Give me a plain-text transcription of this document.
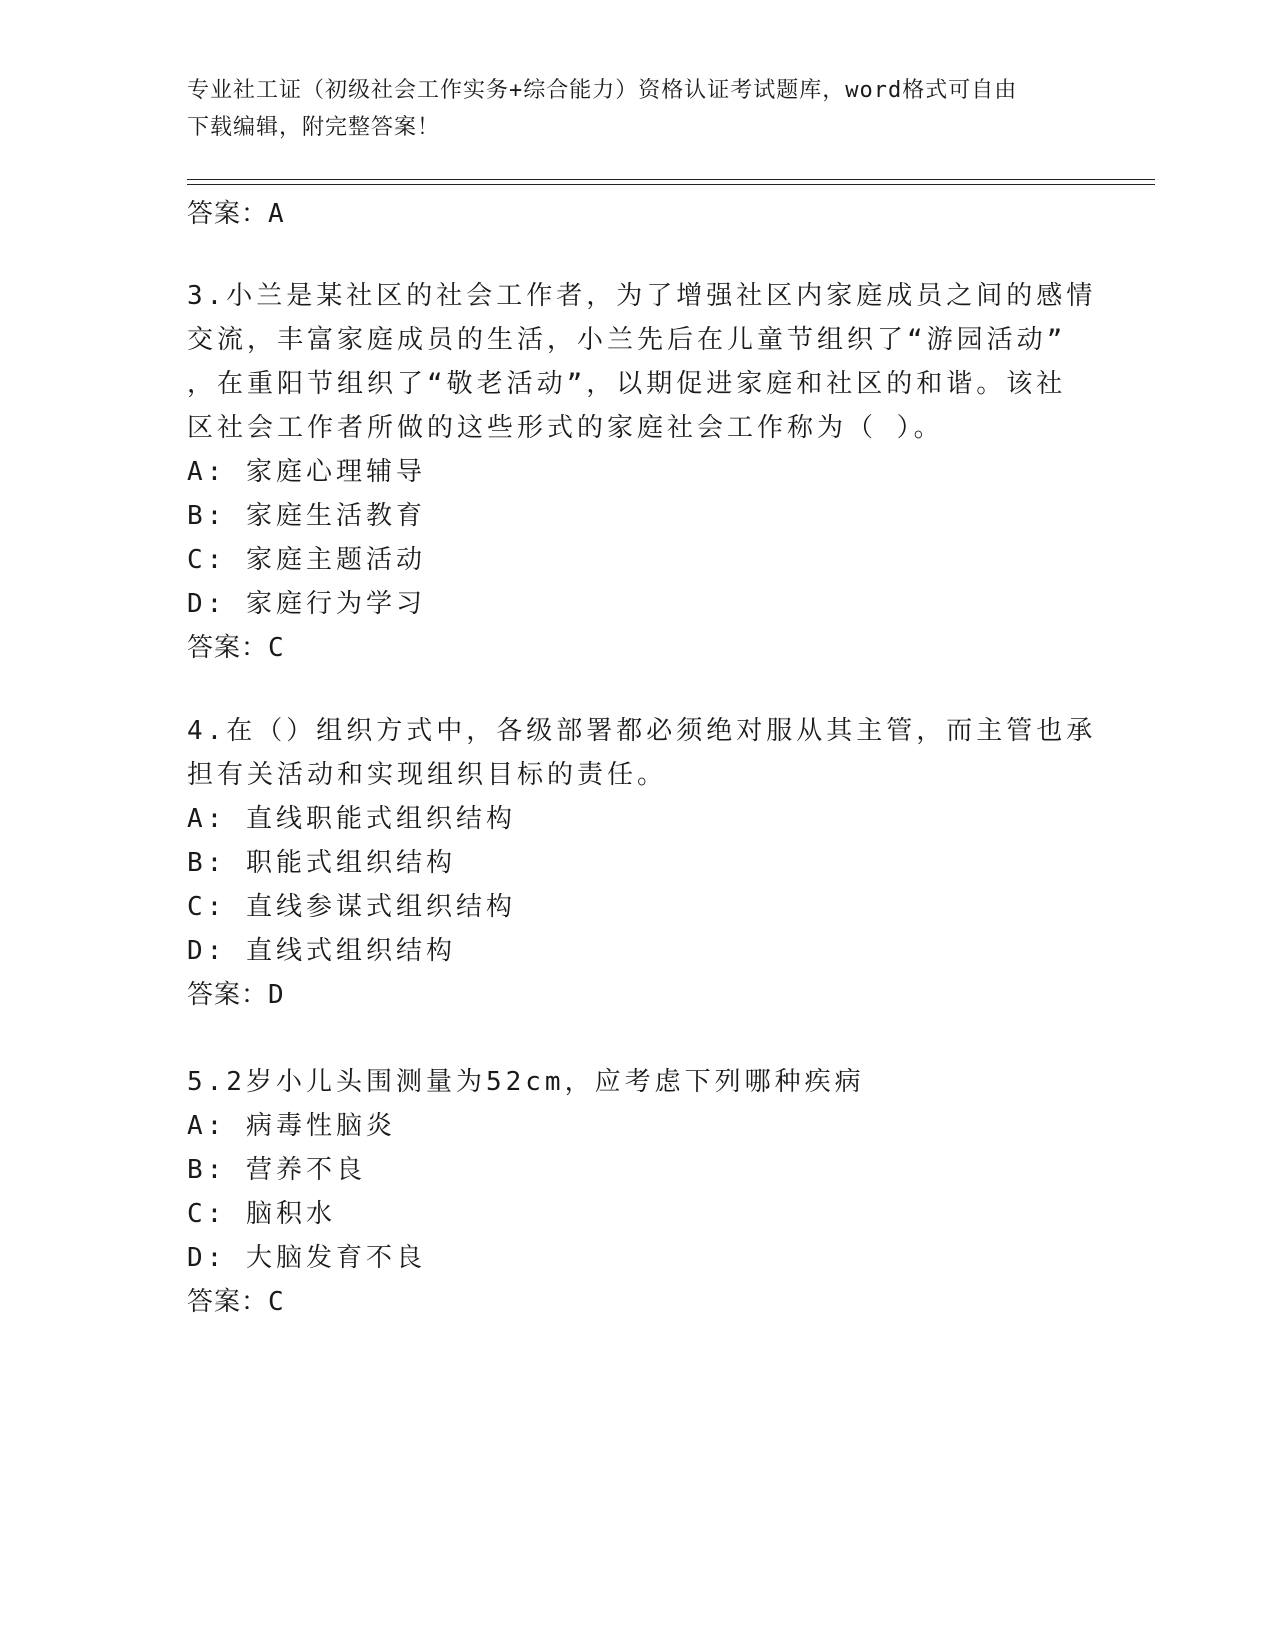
专业社工证（初级社会工作实务+综合能力）资格认证考试题库，word格式可自由
下载编辑，附完整答案！
答案：A
3.小兰是某社区的社会工作者，为了增强社区内家庭成员之间的感情
交流，丰富家庭成员的生活，小兰先后在儿童节组织了“游园活动”
，在重阳节组织了“敬老活动”，以期促进家庭和社区的和谐。该社
区社会工作者所做的这些形式的家庭社会工作称为（ ）。
A: 家庭心理辅导
B: 家庭生活教育
C: 家庭主题活动
D: 家庭行为学习
答案：C
4.在（）组织方式中，各级部署都必须绝对服从其主管，而主管也承
担有关活动和实现组织目标的责任。
A: 直线职能式组织结构
B: 职能式组织结构
C: 直线参谋式组织结构
D: 直线式组织结构
答案：D
5.2岁小儿头围测量为52cm，应考虑下列哪种疾病
A: 病毒性脑炎
B: 营养不良
C: 脑积水
D: 大脑发育不良
答案：C
